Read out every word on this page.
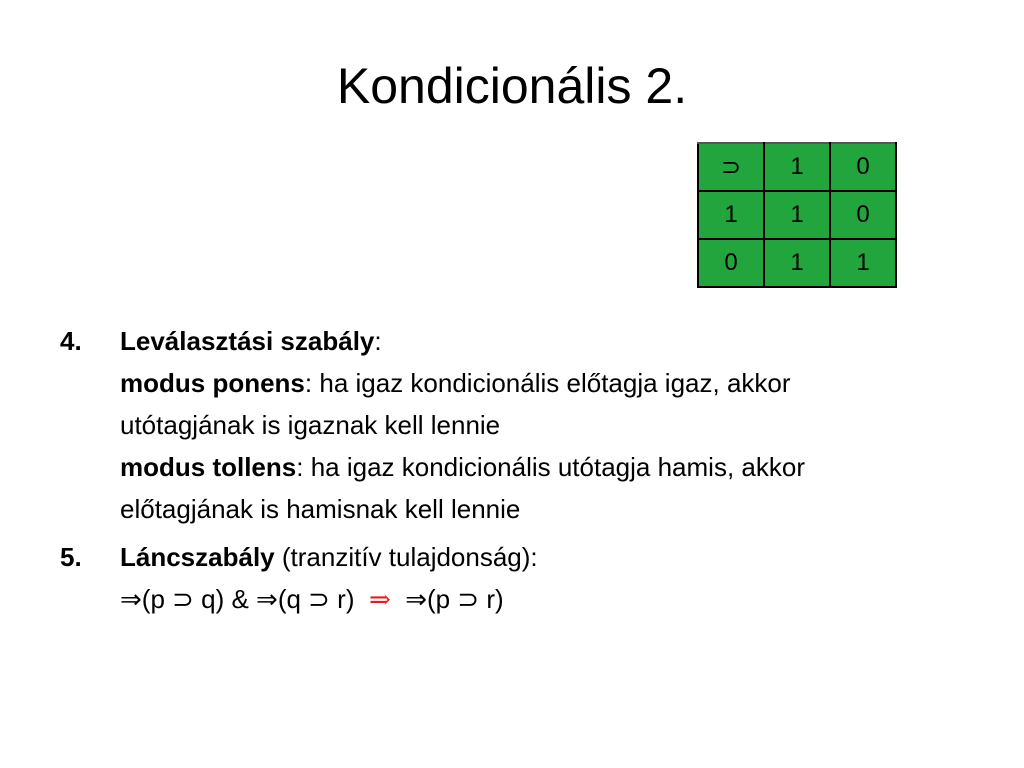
Kondicionális 2.
⊃	1	0
1	1	0
0	1	1
4.	Leválasztási szabály:
modus ponens: ha igaz kondicionális előtagja igaz, akkor
utótagjának is igaznak kell lennie
modus tollens: ha igaz kondicionális utótagja hamis, akkor
előtagjának is hamisnak kell lennie
5.	Láncszabály (tranzitív tulajdonság):
⇒(p ⊃ q) & ⇒(q ⊃ r) ⇒ ⇒(p ⊃ r)
